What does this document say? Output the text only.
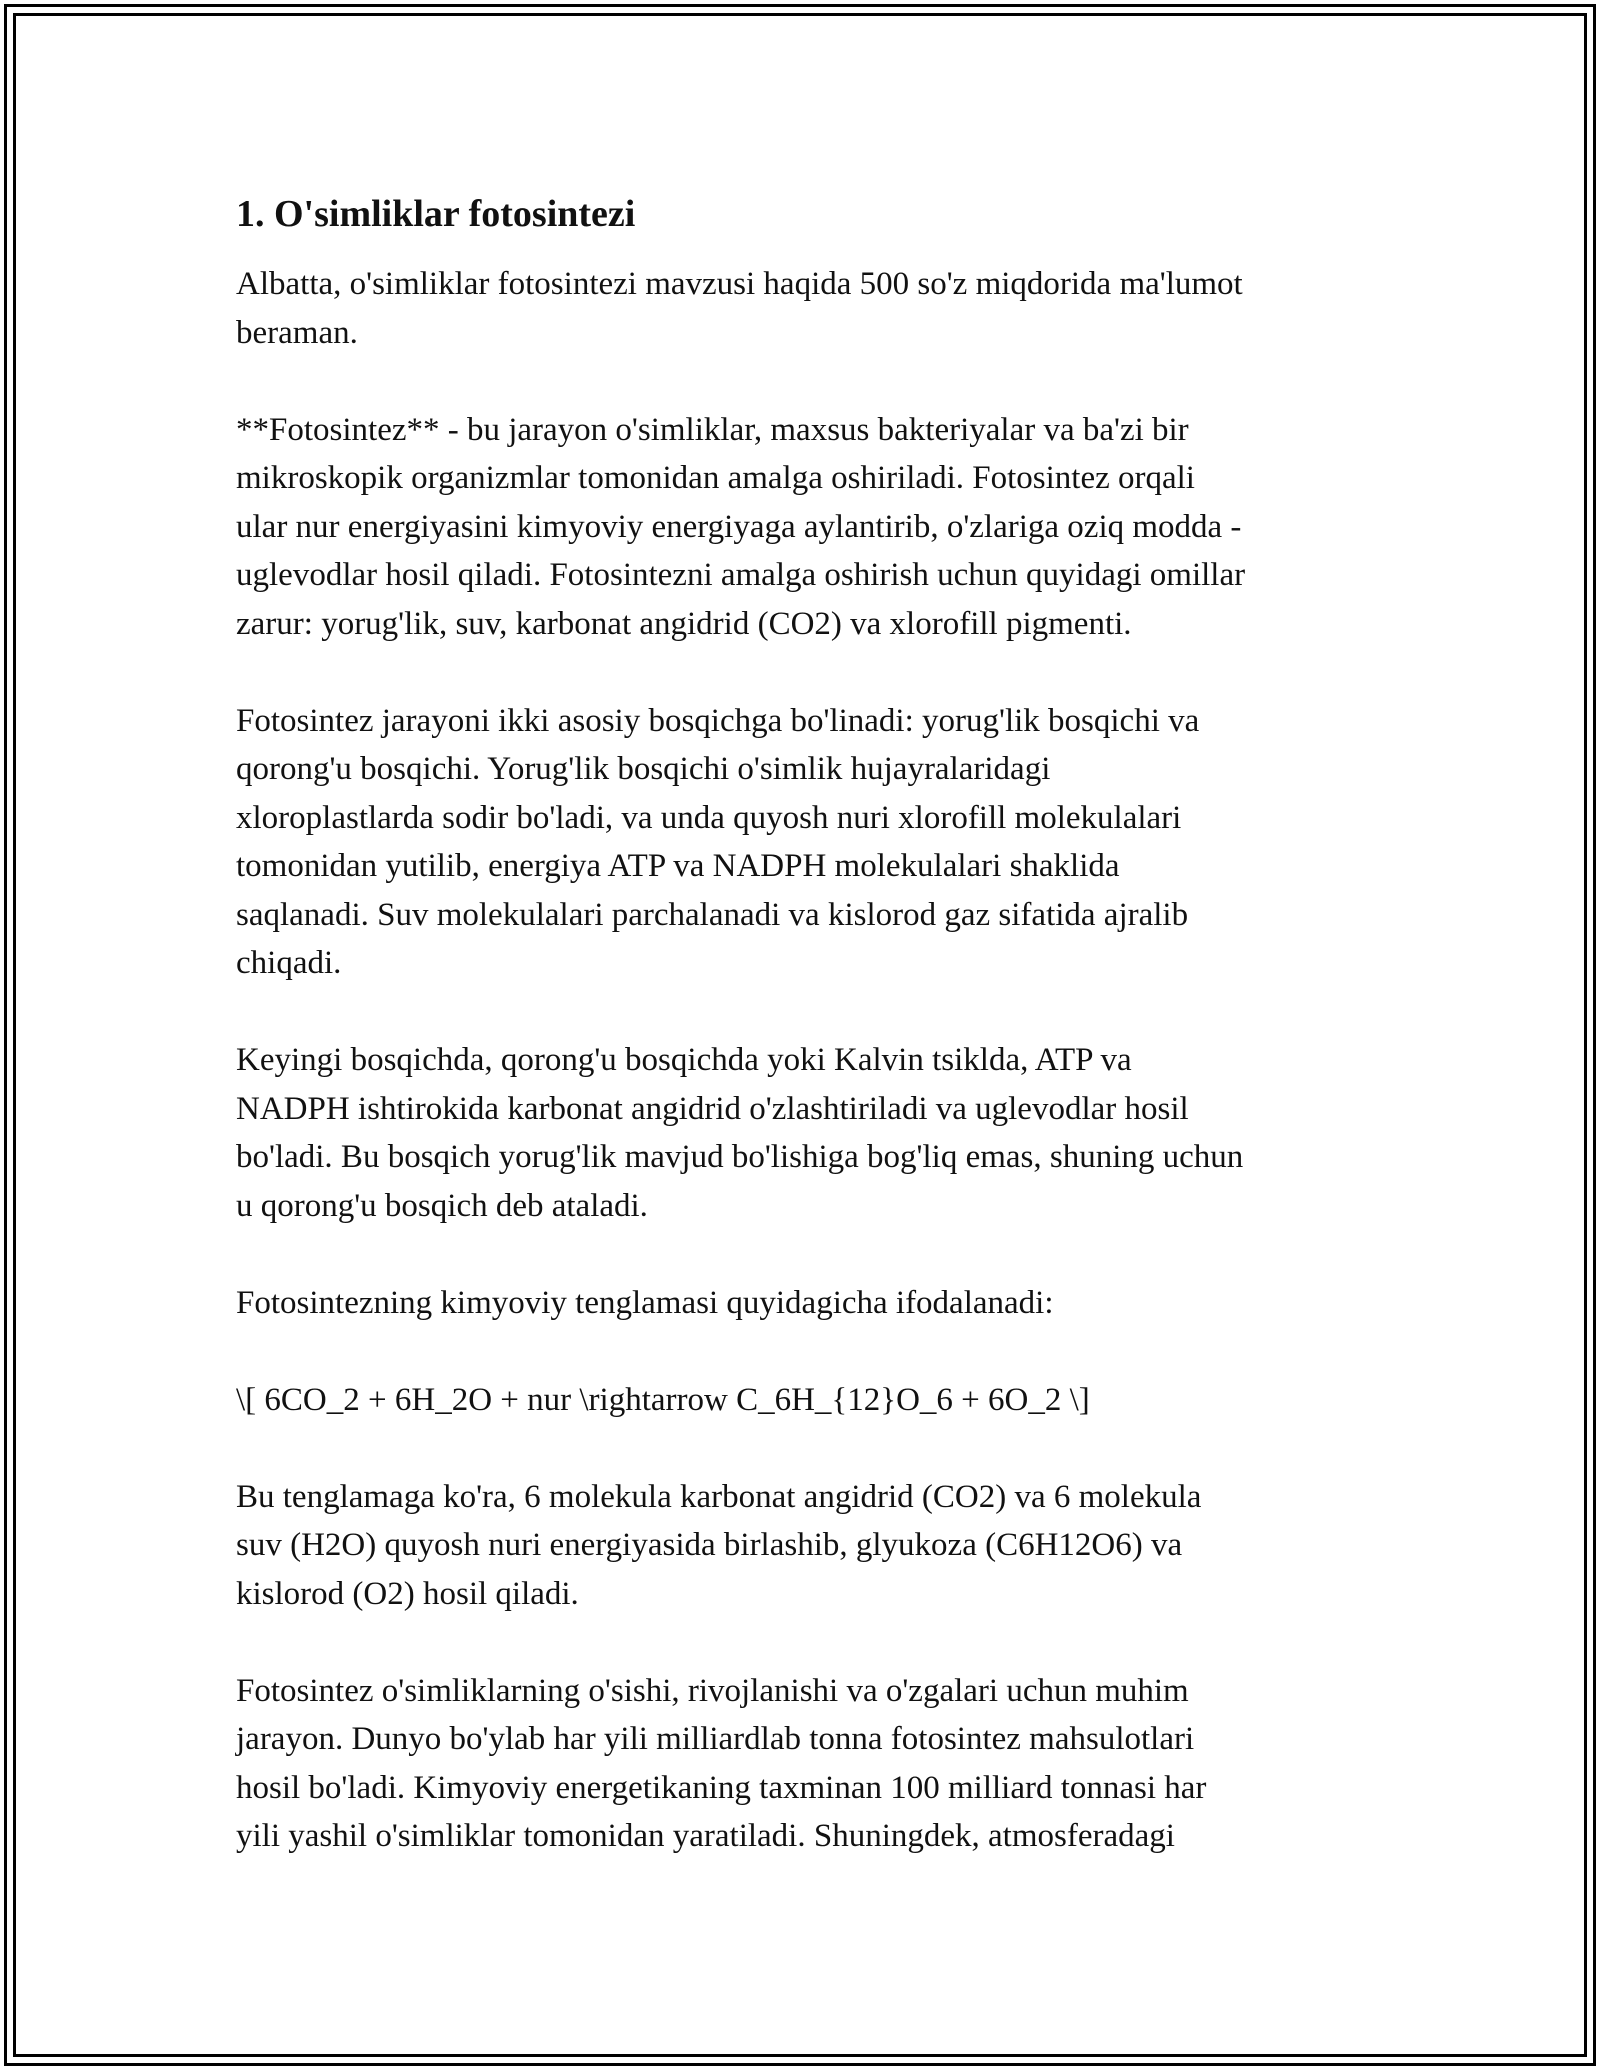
1. O'simliklar fotosintezi

Albatta, o'simliklar fotosintezi mavzusi haqida 500 so'z miqdorida ma'lumot
beraman.

**Fotosintez** - bu jarayon o'simliklar, maxsus bakteriyalar va ba'zi bir
mikroskopik organizmlar tomonidan amalga oshiriladi. Fotosintez orqali
ular nur energiyasini kimyoviy energiyaga aylantirib, o'zlariga oziq modda -
uglevodlar hosil qiladi. Fotosintezni amalga oshirish uchun quyidagi omillar
zarur: yorug'lik, suv, karbonat angidrid (CO2) va xlorofill pigmenti.

Fotosintez jarayoni ikki asosiy bosqichga bo'linadi: yorug'lik bosqichi va
qorong'u bosqichi. Yorug'lik bosqichi o'simlik hujayralaridagi
xloroplastlarda sodir bo'ladi, va unda quyosh nuri xlorofill molekulalari
tomonidan yutilib, energiya ATP va NADPH molekulalari shaklida
saqlanadi. Suv molekulalari parchalanadi va kislorod gaz sifatida ajralib
chiqadi.

Keyingi bosqichda, qorong'u bosqichda yoki Kalvin tsiklda, ATP va
NADPH ishtirokida karbonat angidrid o'zlashtiriladi va uglevodlar hosil
bo'ladi. Bu bosqich yorug'lik mavjud bo'lishiga bog'liq emas, shuning uchun
u qorong'u bosqich deb ataladi.

Fotosintezning kimyoviy tenglamasi quyidagicha ifodalanadi:

\[ 6CO_2 + 6H_2O + nur \rightarrow C_6H_{12}O_6 + 6O_2 \]

Bu tenglamaga ko'ra, 6 molekula karbonat angidrid (CO2) va 6 molekula
suv (H2O) quyosh nuri energiyasida birlashib, glyukoza (C6H12O6) va
kislorod (O2) hosil qiladi.

Fotosintez o'simliklarning o'sishi, rivojlanishi va o'zgalari uchun muhim
jarayon. Dunyo bo'ylab har yili milliardlab tonna fotosintez mahsulotlari
hosil bo'ladi. Kimyoviy energetikaning taxminan 100 milliard tonnasi har
yili yashil o'simliklar tomonidan yaratiladi. Shuningdek, atmosferadagi
